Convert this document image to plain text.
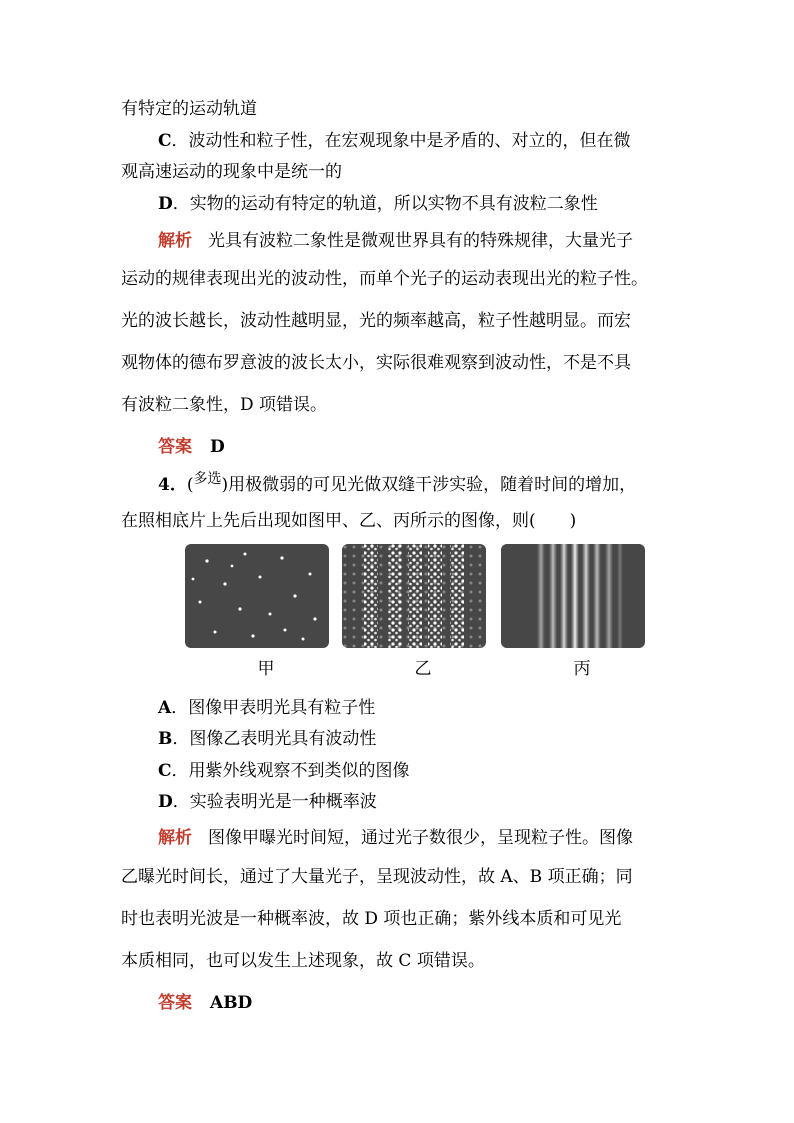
有特定的运动轨道
C．波动性和粒子性，在宏观现象中是矛盾的、对立的，但在微
观高速运动的现象中是统一的
D．实物的运动有特定的轨道，所以实物不具有波粒二象性
解析 光具有波粒二象性是微观世界具有的特殊规律，大量光子
运动的规律表现出光的波动性，而单个光子的运动表现出光的粒子性。
光的波长越长，波动性越明显，光的频率越高，粒子性越明显。而宏
观物体的德布罗意波的波长太小，实际很难观察到波动性，不是不具
有波粒二象性，D 项错误。
答案 D
4．($^{多选}$)用极微弱的可见光做双缝干涉实验，随着时间的增加，
在照相底片上先后出现如图甲、乙、丙所示的图像，则(　　)
甲	乙	丙
A．图像甲表明光具有粒子性
B．图像乙表明光具有波动性
C．用紫外线观察不到类似的图像
D．实验表明光是一种概率波
解析 图像甲曝光时间短，通过光子数很少，呈现粒子性。图像
乙曝光时间长，通过了大量光子，呈现波动性，故 A、B 项正确；同
时也表明光波是一种概率波，故 D 项也正确；紫外线本质和可见光
本质相同，也可以发生上述现象，故 C 项错误。
答案 ABD
